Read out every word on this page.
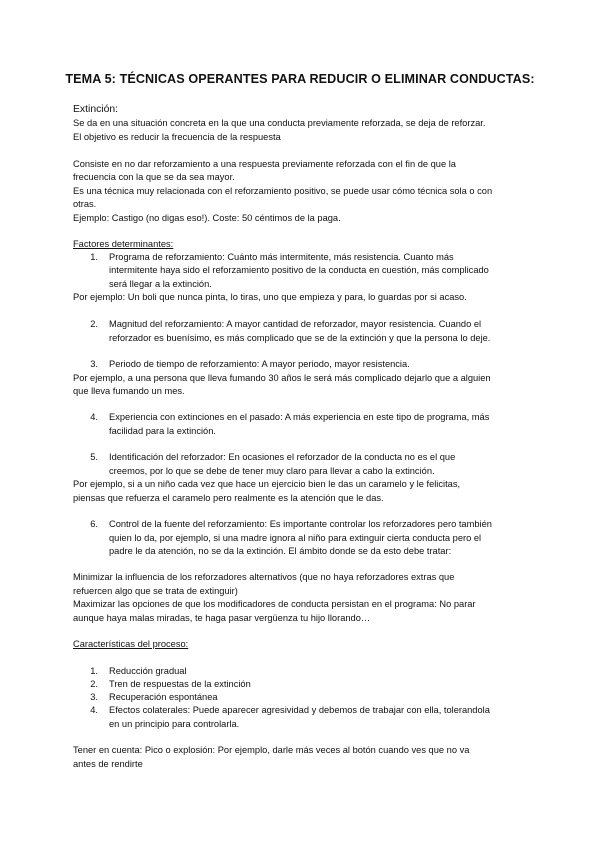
TEMA 5: TÉCNICAS OPERANTES PARA REDUCIR O ELIMINAR CONDUCTAS:
Extinción:
Se da en una situación concreta en la que una conducta previamente reforzada, se deja de reforzar.
El objetivo es reducir la frecuencia de la respuesta
Consiste en no dar reforzamiento a una respuesta previamente reforzada con el fin de que la
frecuencia con la que se da sea mayor.
Es una técnica muy relacionada con el reforzamiento positivo, se puede usar cómo técnica sola o con
otras.
Ejemplo: Castigo (no digas eso!). Coste: 50 céntimos de la paga.
Factores determinantes:
1. Programa de reforzamiento: Cuánto más intermitente, más resistencia. Cuanto más
intermitente haya sido el reforzamiento positivo de la conducta en cuestión, más complicado
será llegar a la extinción.
Por ejemplo: Un boli que nunca pinta, lo tiras, uno que empieza y para, lo guardas por si acaso.
2. Magnitud del reforzamiento: A mayor cantidad de reforzador, mayor resistencia. Cuando el
reforzador es buenísimo, es más complicado que se de la extinción y que la persona lo deje.
3. Periodo de tiempo de reforzamiento: A mayor periodo, mayor resistencia.
Por ejemplo, a una persona que lleva fumando 30 años le será más complicado dejarlo que a alguien
que lleva fumando un mes.
4. Experiencia con extinciones en el pasado: A más experiencia en este tipo de programa, más
facilidad para la extinción.
5. Identificación del reforzador: En ocasiones el reforzador de la conducta no es el que
creemos, por lo que se debe de tener muy claro para llevar a cabo la extinción.
Por ejemplo, si a un niño cada vez que hace un ejercicio bien le das un caramelo y le felicitas,
piensas que refuerza el caramelo pero realmente es la atención que le das.
6. Control de la fuente del reforzamiento: Es importante controlar los reforzadores pero también
quien lo da, por ejemplo, si una madre ignora al niño para extinguir cierta conducta pero el
padre le da atención, no se da la extinción. El ámbito donde se da esto debe tratar:
Minimizar la influencia de los reforzadores alternativos (que no haya reforzadores extras que
refuercen algo que se trata de extinguir)
Maximizar las opciones de que los modificadores de conducta persistan en el programa: No parar
aunque haya malas miradas, te haga pasar vergüenza tu hijo llorando…
Características del proceso:
1. Reducción gradual
2. Tren de respuestas de la extinción
3. Recuperación espontánea
4. Efectos colaterales: Puede aparecer agresividad y debemos de trabajar con ella, tolerandola
en un principio para controlarla.
Tener en cuenta: Pico o explosión: Por ejemplo, darle más veces al botón cuando ves que no va
antes de rendirte
